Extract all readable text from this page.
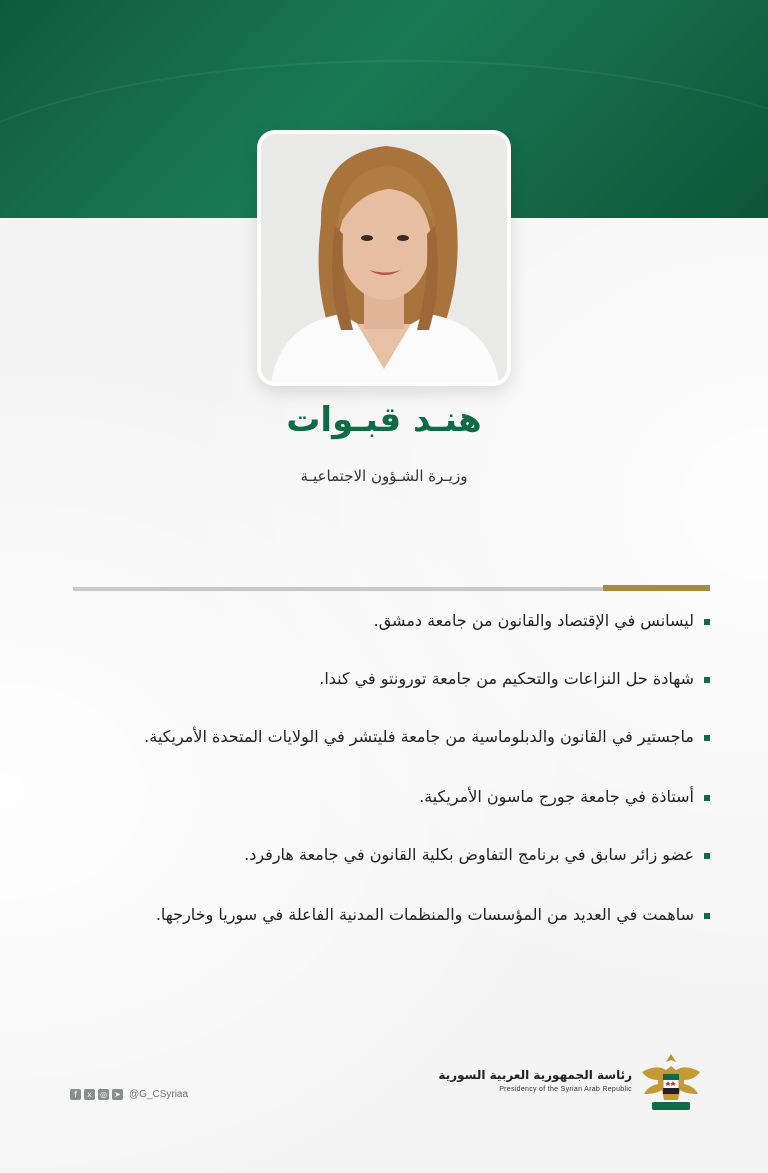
هنـد قبـوات

وزيـرة الشـؤون الاجتماعيـة

ليسانس في الإقتصاد والقانون من جامعة دمشق.
شهادة حل النزاعات والتحكيم من جامعة تورونتو في كندا.
ماجستير في القانون والدبلوماسية من جامعة فليتشر في الولايات المتحدة الأمريكية.
أستاذة في جامعة جورج ماسون الأمريكية.
عضو زائر سابق في برنامج التفاوض بكلية القانون في جامعة هارفرد.
ساهمت في العديد من المؤسسات والمنظمات المدنية الفاعلة في سوريا وخارجها.
f	x	◎ ➤ @G_CSyriaa
رئاسة الجمهورية العربية السورية
Presidency of the Syrian Arab Republic
